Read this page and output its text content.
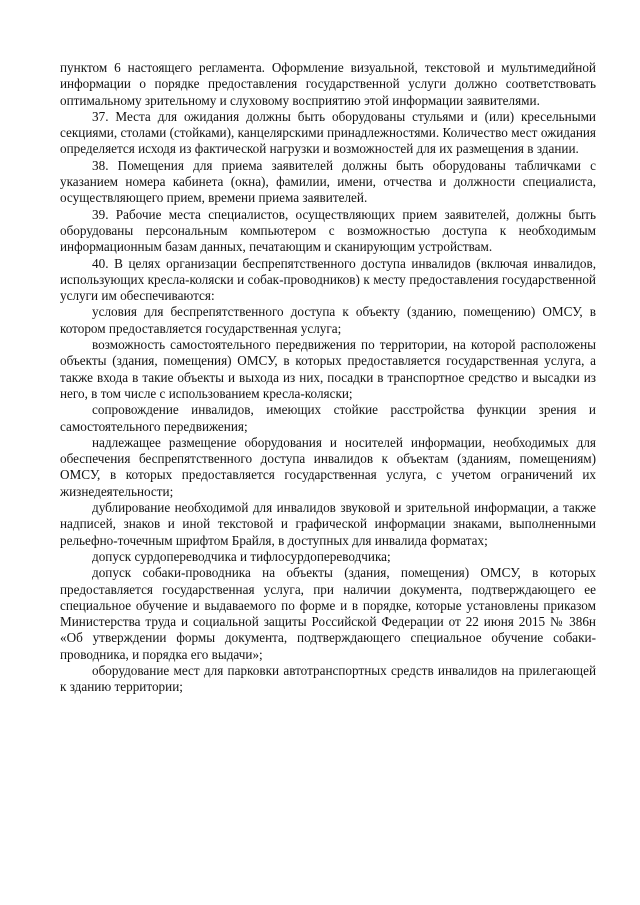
пунктом 6 настоящего регламента. Оформление визуальной, текстовой и мультимедийной информации о порядке предоставления государственной услуги должно соответствовать оптимальному зрительному и слуховому восприятию этой информации заявителями.

37. Места для ожидания должны быть оборудованы стульями и (или) кресельными секциями, столами (стойками), канцелярскими принадлежностями. Количество мест ожидания определяется исходя из фактической нагрузки и возможностей для их размещения в здании.

38. Помещения для приема заявителей должны быть оборудованы табличками с указанием номера кабинета (окна), фамилии, имени, отчества и должности специалиста, осуществляющего прием, времени приема заявителей.

39. Рабочие места специалистов, осуществляющих прием заявителей, должны быть оборудованы персональным компьютером с возможностью доступа к необходимым информационным базам данных, печатающим и сканирующим устройствам.

40. В целях организации беспрепятственного доступа инвалидов (включая инвалидов, использующих кресла-коляски и собак-проводников) к месту предоставления государственной услуги им обеспечиваются:

условия для беспрепятственного доступа к объекту (зданию, помещению) ОМСУ, в котором предоставляется государственная услуга;

возможность самостоятельного передвижения по территории, на которой расположены объекты (здания, помещения) ОМСУ, в которых предоставляется государственная услуга, а также входа в такие объекты и выхода из них, посадки в транспортное средство и высадки из него, в том числе с использованием кресла-коляски;

сопровождение инвалидов, имеющих стойкие расстройства функции зрения и самостоятельного передвижения;

надлежащее размещение оборудования и носителей информации, необходимых для обеспечения беспрепятственного доступа инвалидов к объектам (зданиям, помещениям) ОМСУ, в которых предоставляется государственная услуга, с учетом ограничений их жизнедеятельности;

дублирование необходимой для инвалидов звуковой и зрительной информации, а также надписей, знаков и иной текстовой и графической информации знаками, выполненными рельефно-точечным шрифтом Брайля, в доступных для инвалида форматах;

допуск сурдопереводчика и тифлосурдопереводчика;

допуск собаки-проводника на объекты (здания, помещения) ОМСУ, в которых предоставляется государственная услуга, при наличии документа, подтверждающего ее специальное обучение и выдаваемого по форме и в порядке, которые установлены приказом Министерства труда и социальной защиты Российской Федерации от 22 июня 2015 № 386н «Об утверждении формы документа, подтверждающего специальное обучение собаки-проводника, и порядка его выдачи»;

оборудование мест для парковки автотранспортных средств инвалидов на прилегающей к зданию территории;
